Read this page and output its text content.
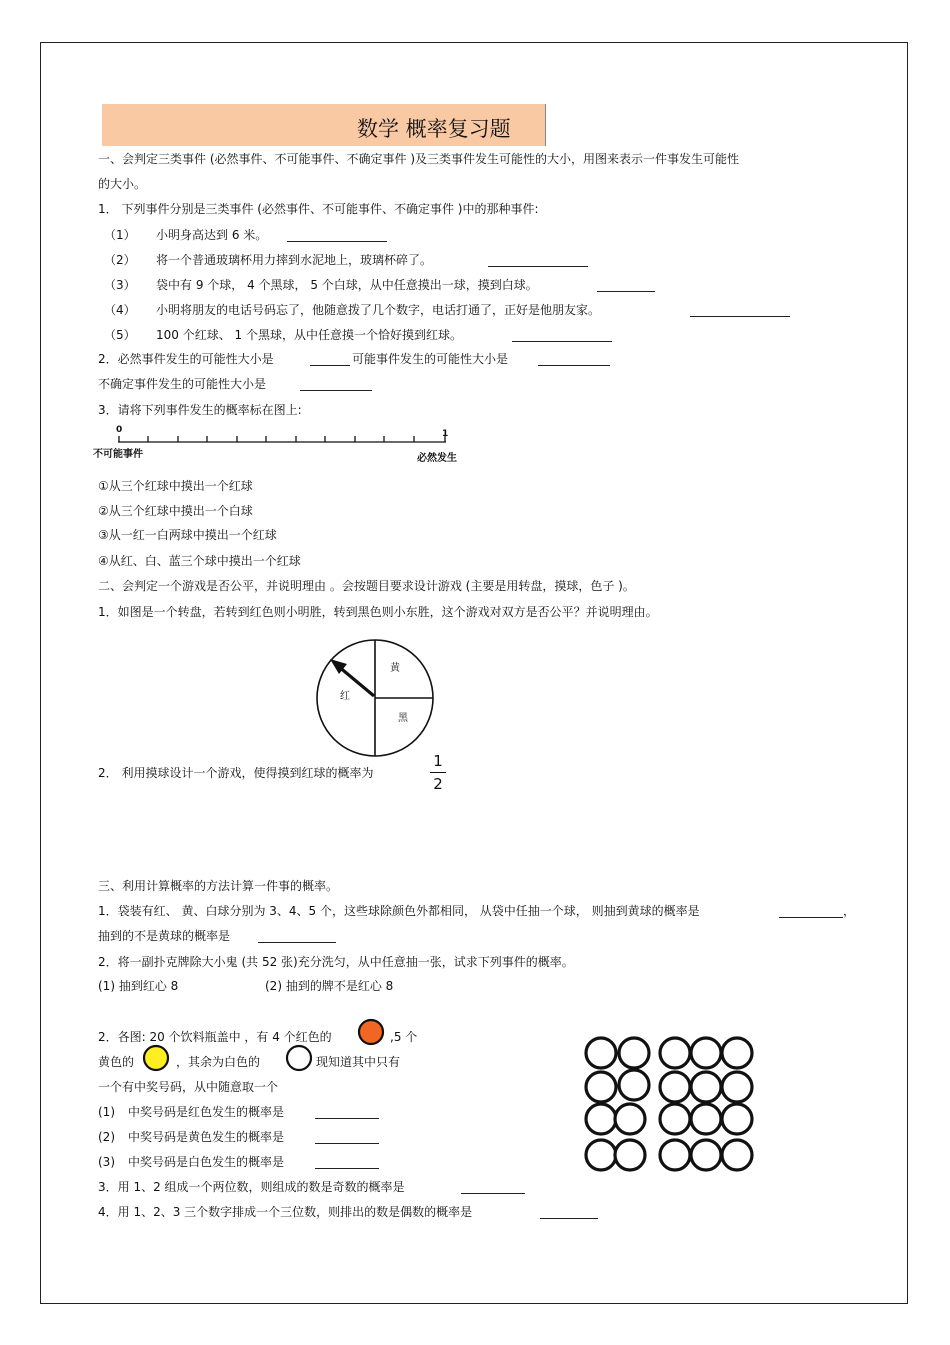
数学 概率复习题
一、会判定三类事件 (必然事件、不可能事件、不确定事件 )及三类事件发生可能性的大小，用图来表示一件事发生可能性
的大小。
1． 下列事件分别是三类事件 (必然事件、不可能事件、不确定事件 )中的那种事件:
（1） 小明身高达到 6 米。
（2） 将一个普通玻璃杯用力摔到水泥地上，玻璃杯碎了。
（3） 袋中有 9 个球， 4 个黑球， 5 个白球，从中任意摸出一球，摸到白球。
（4） 小明将朋友的电话号码忘了，他随意拨了几个数字，电话打通了，正好是他朋友家。
（5） 100 个红球、 1 个黑球，从中任意摸一个恰好摸到红球。
2．必然事件发生的可能性大小是	可能事件发生的可能性大小是
不确定事件发生的可能性大小是
3．请将下列事件发生的概率标在图上:
0	1
不可能事件	必然发生
①从三个红球中摸出一个红球
②从三个红球中摸出一个白球
③从一红一白两球中摸出一个红球
④从红、白、蓝三个球中摸出一个红球
二、会判定一个游戏是否公平，并说明理由 。会按题目要求设计游戏 (主要是用转盘，摸球，色子 )。
1．如图是一个转盘，若转到红色则小明胜，转到黑色则小东胜，这个游戏对双方是否公平？并说明理由。
黄
红
黑
2． 利用摸球设计一个游戏，使得摸到红球的概率为
1
2
三、利用计算概率的方法计算一件事的概率。
1．袋装有红、 黄、白球分别为 3、4、5 个，这些球除颜色外都相同， 从袋中任抽一个球， 则抽到黄球的概率是	，
抽到的不是黄球的概率是
2．将一副扑克牌除大小鬼 (共 52 张)充分洗匀，从中任意抽一张，试求下列事件的概率。
(1) 抽到红心 8	(2) 抽到的牌不是红心 8
2．各图: 20 个饮料瓶盖中 ，有 4 个红色的	,5 个
黄色的	，其余为白色的	现知道其中只有
一个有中奖号码，从中随意取一个
(1) 中奖号码是红色发生的概率是
(2) 中奖号码是黄色发生的概率是
(3) 中奖号码是白色发生的概率是
3．用 1、2 组成一个两位数，则组成的数是奇数的概率是
4．用 1、2、3 三个数字排成一个三位数，则排出的数是偶数的概率是
